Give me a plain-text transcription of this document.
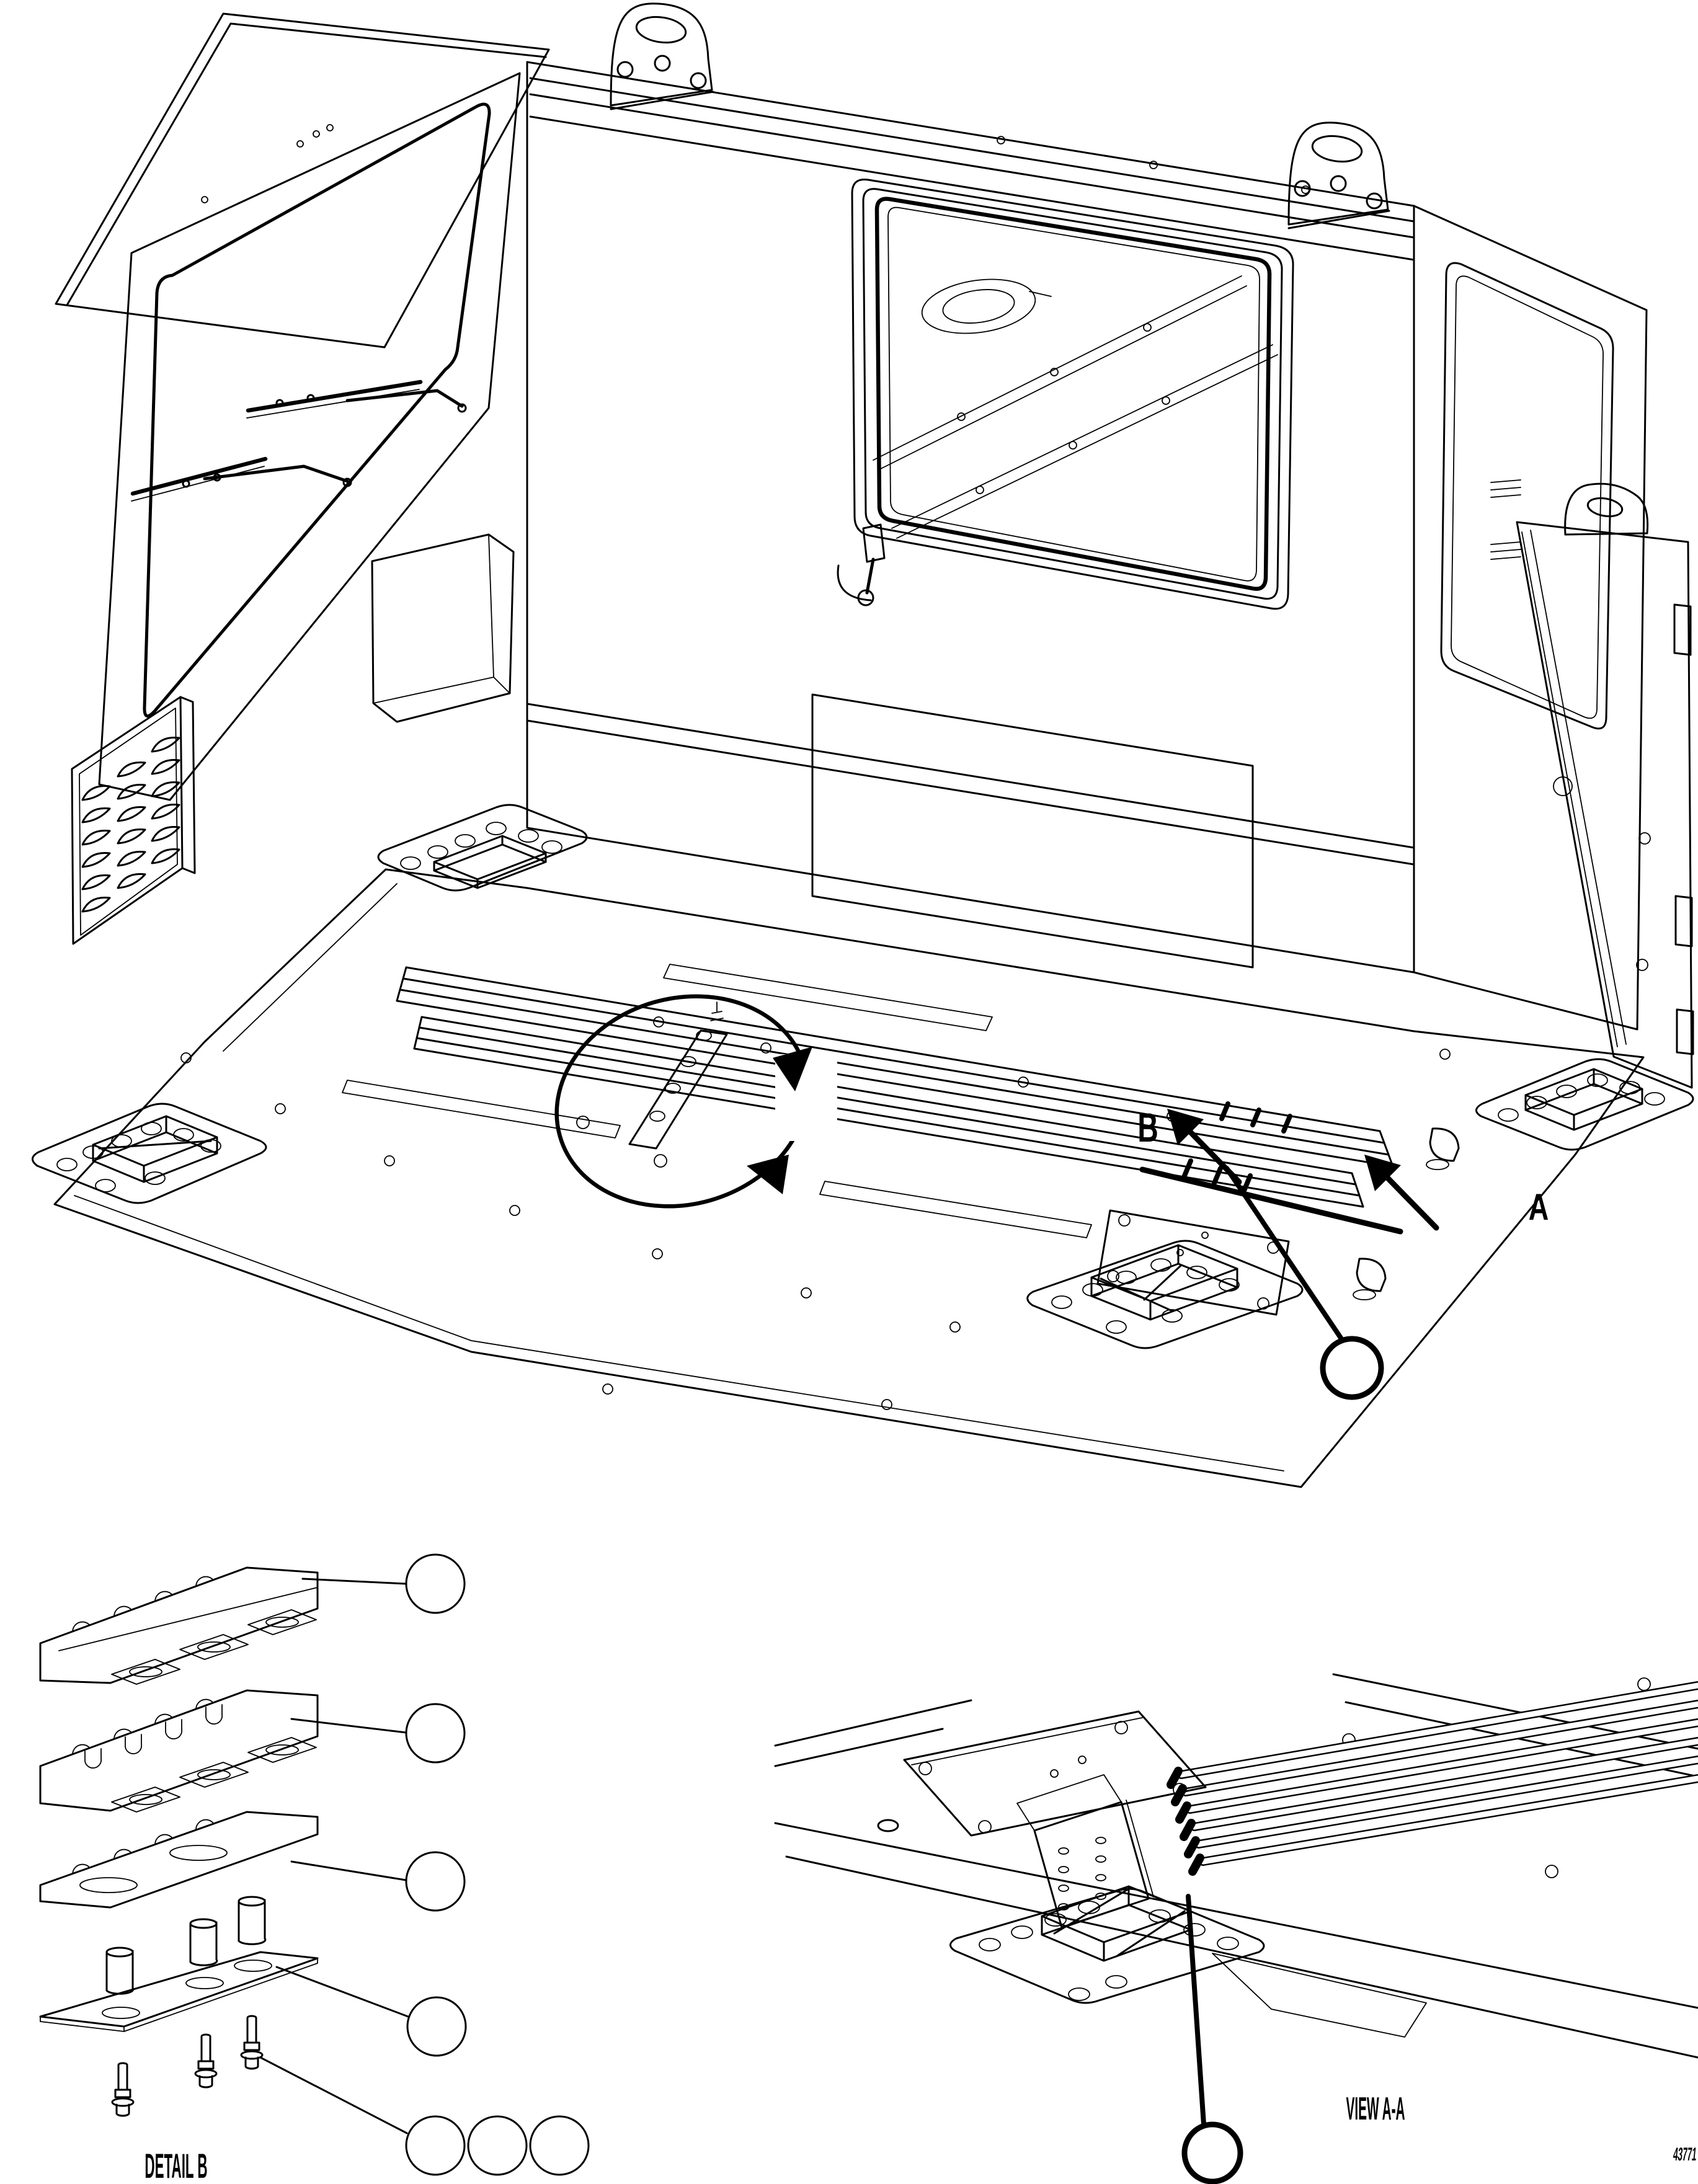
B
A
DETAIL B
VIEW A-A
43771
